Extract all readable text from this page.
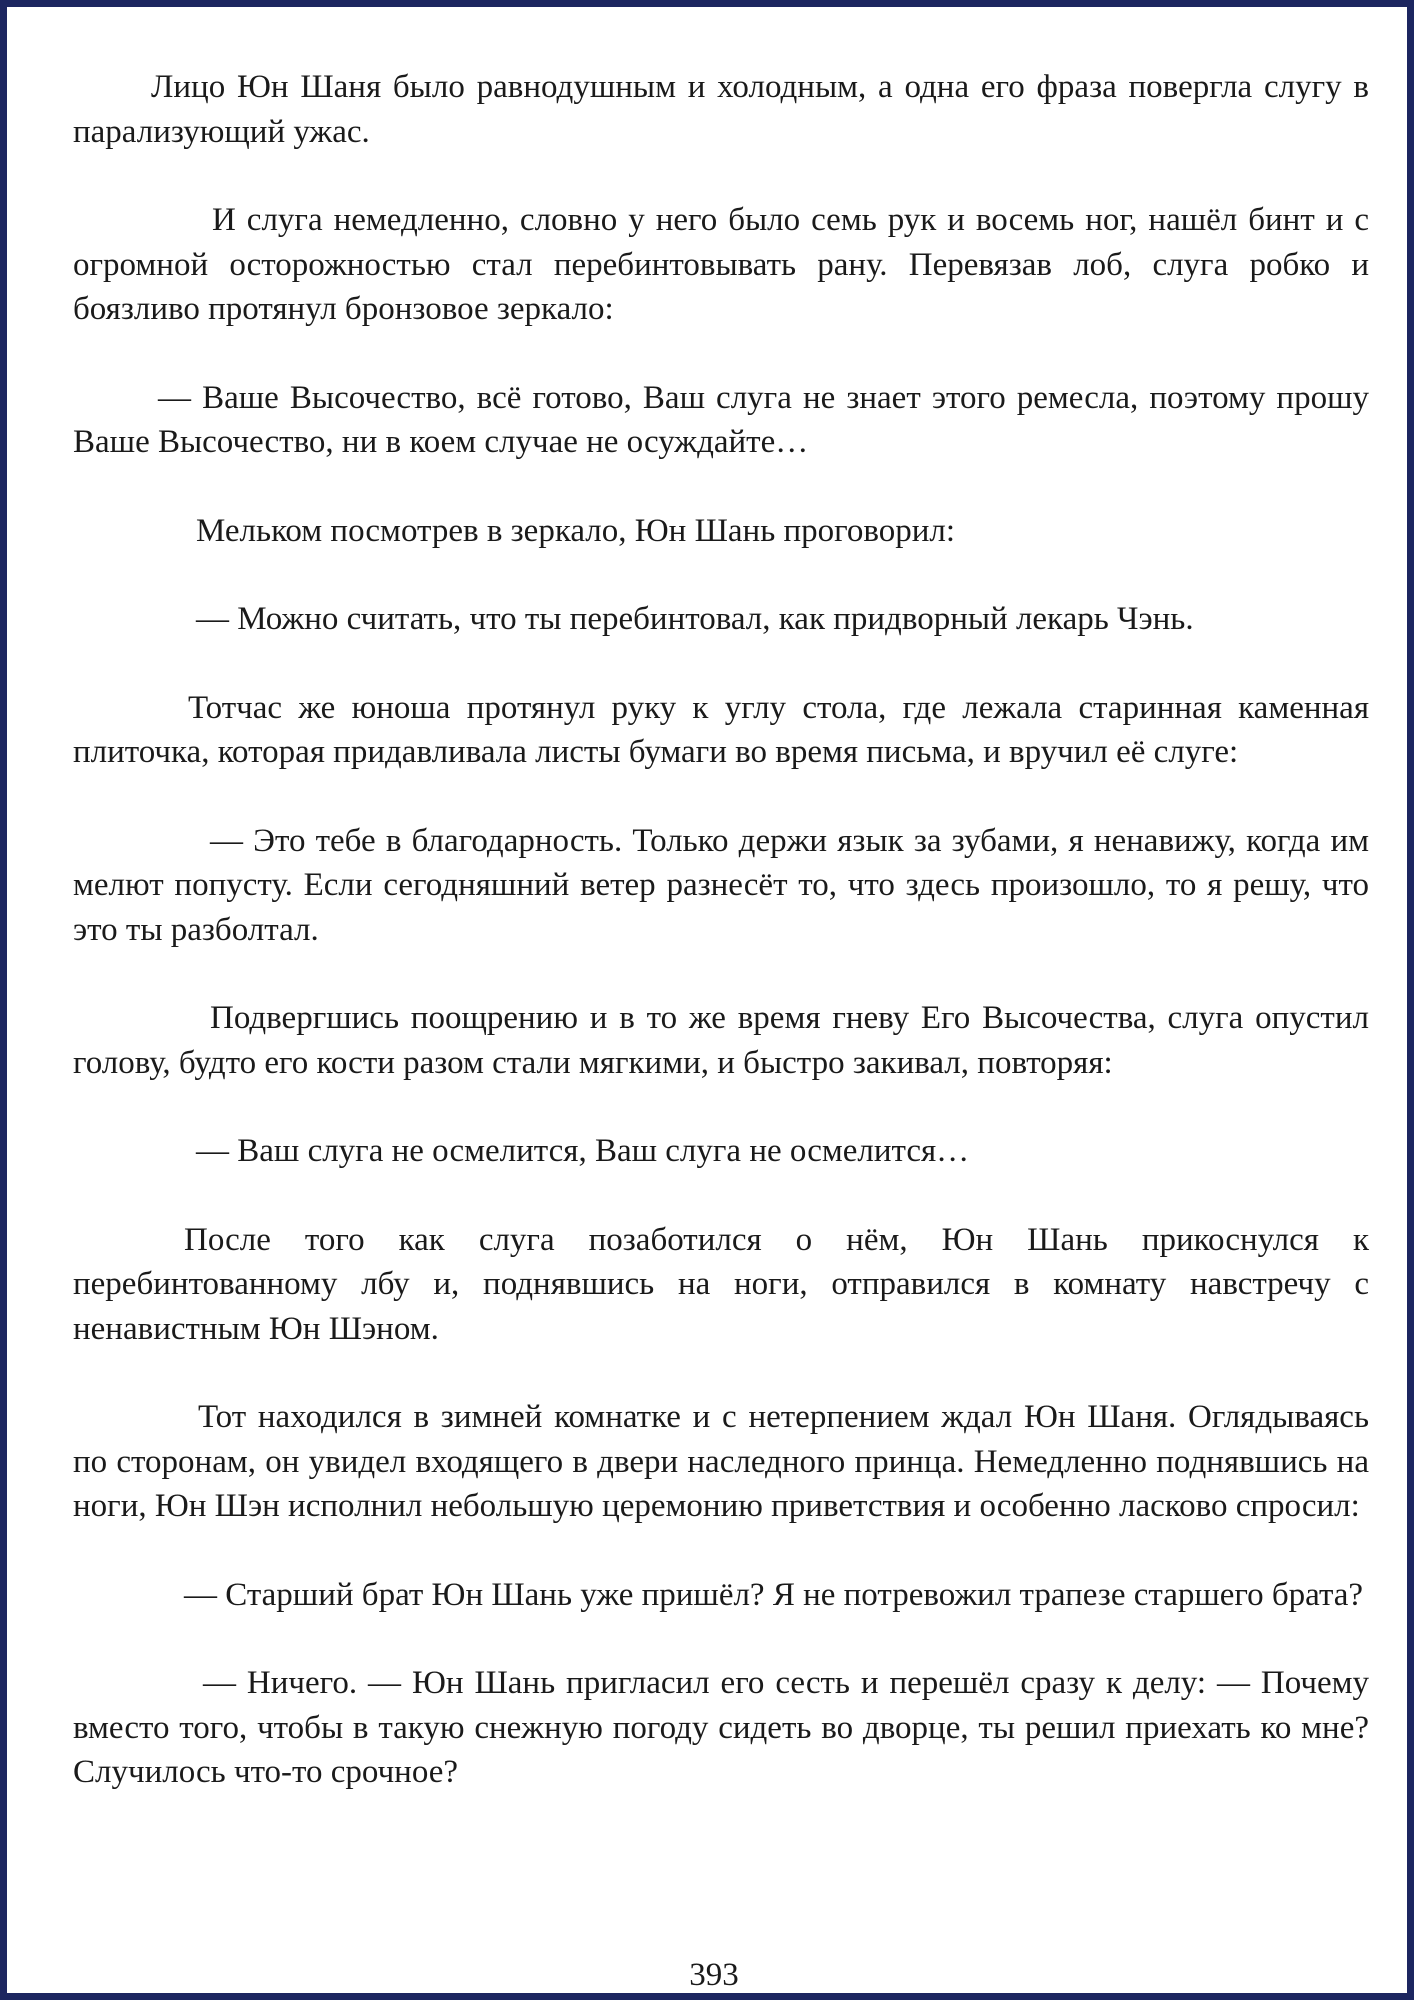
Лицо Юн Шаня было равнодушным и холодным, а одна его фраза повергла слугу в парализующий ужас.

И слуга немедленно, словно у него было семь рук и восемь ног, нашёл бинт и с огромной осторожностью стал перебинтовывать рану. Перевязав лоб, слуга робко и боязливо протянул бронзовое зеркало:

— Ваше Высочество, всё готово, Ваш слуга не знает этого ремесла, поэтому прошу Ваше Высочество, ни в коем случае не осуждайте…

Мельком посмотрев в зеркало, Юн Шань проговорил:

— Можно считать, что ты перебинтовал, как придворный лекарь Чэнь.

Тотчас же юноша протянул руку к углу стола, где лежала старинная каменная плиточка, которая придавливала листы бумаги во время письма, и вручил её слуге:

— Это тебе в благодарность. Только держи язык за зубами, я ненавижу, когда им мелют попусту. Если сегодняшний ветер разнесёт то, что здесь произошло, то я решу, что это ты разболтал.

Подвергшись поощрению и в то же время гневу Его Высочества, слуга опустил голову, будто его кости разом стали мягкими, и быстро закивал, повторяя:

— Ваш слуга не осмелится, Ваш слуга не осмелится…

После того как слуга позаботился о нём, Юн Шань прикоснулся к перебинтованному лбу и, поднявшись на ноги, отправился в комнату навстречу с ненавистным Юн Шэном.

Тот находился в зимней комнатке и с нетерпением ждал Юн Шаня. Оглядываясь по сторонам, он увидел входящего в двери наследного принца. Немедленно поднявшись на ноги, Юн Шэн исполнил небольшую церемонию приветствия и особенно ласково спросил:

— Старший брат Юн Шань уже пришёл? Я не потревожил трапезе старшего брата?

— Ничего. — Юн Шань пригласил его сесть и перешёл сразу к делу: — Почему вместо того, чтобы в такую снежную погоду сидеть во дворце, ты решил приехать ко мне? Случилось что-то срочное?

393
